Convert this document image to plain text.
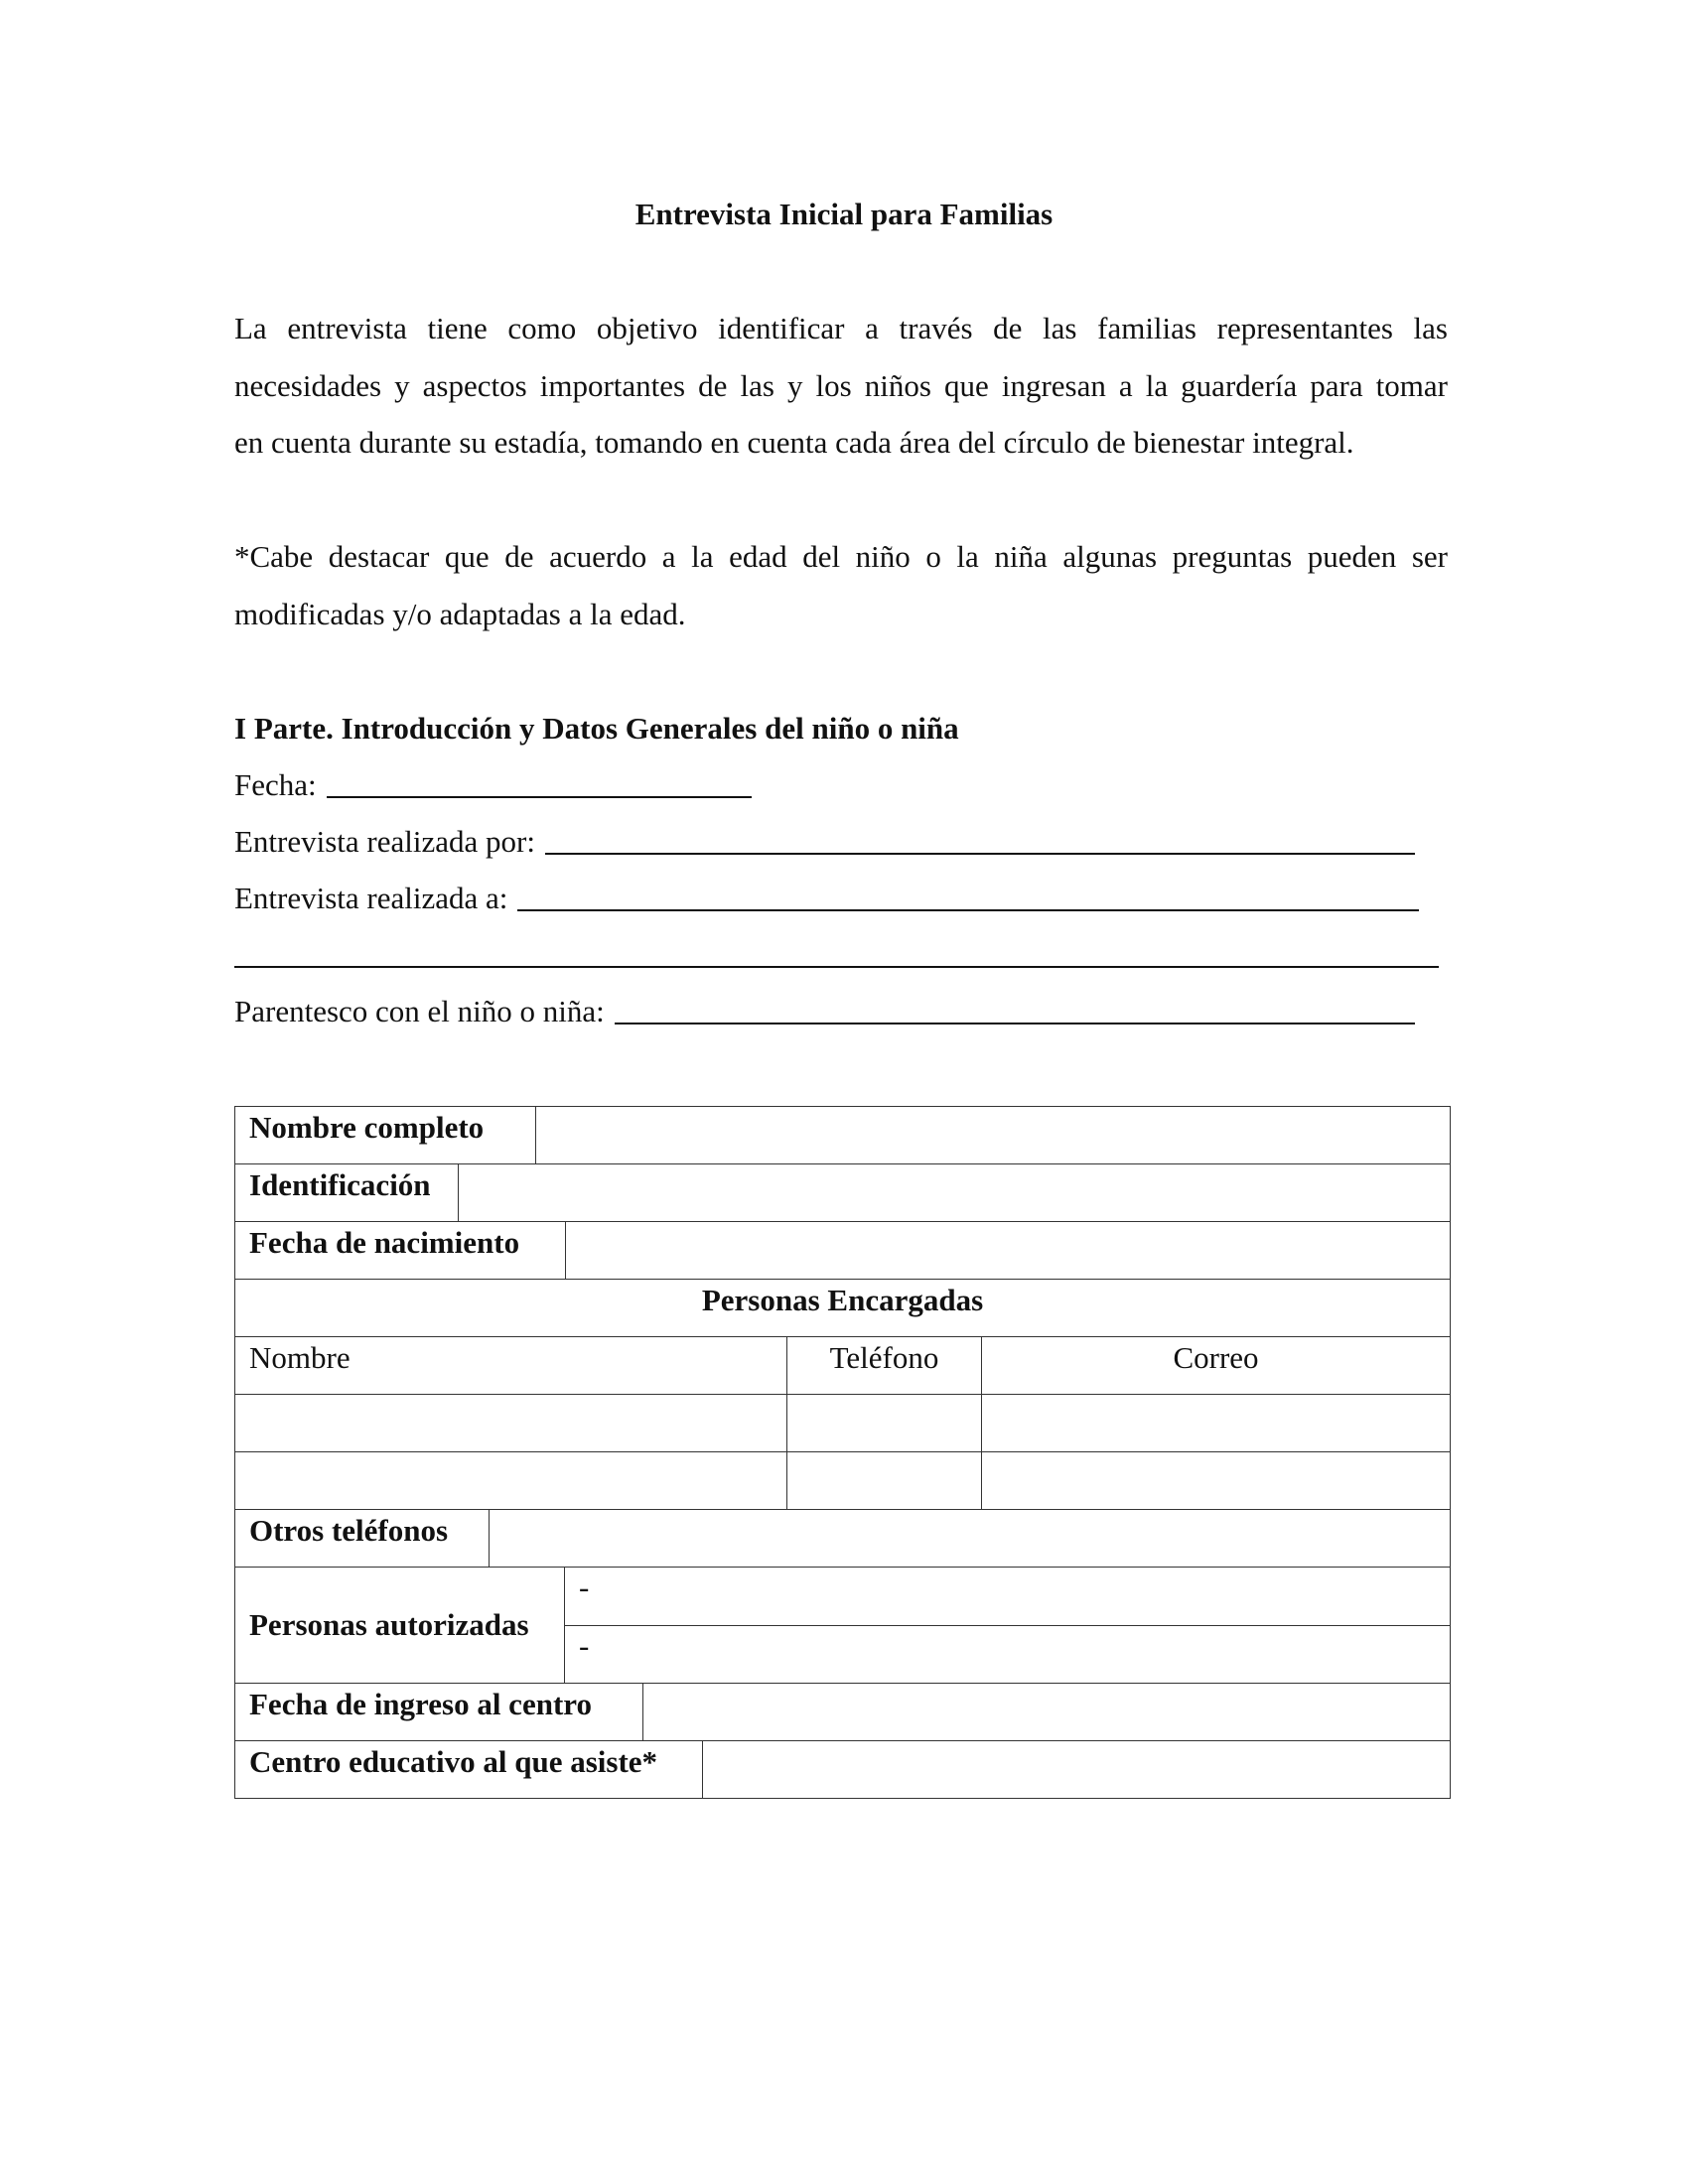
Entrevista Inicial para Familias
La entrevista tiene como objetivo identificar a través de las familias representantes las
necesidades y aspectos importantes de las y los niños que ingresan a la guardería para tomar
en cuenta durante su estadía, tomando en cuenta cada área del círculo de bienestar integral.
*Cabe destacar que de acuerdo a la edad del niño o la niña algunas preguntas pueden ser
modificadas y/o adaptadas a la edad.
I Parte. Introducción y Datos Generales del niño o niña
Fecha:
Entrevista realizada por:
Entrevista realizada a:
Parentesco con el niño o niña:
Nombre completo		

Identificación		

Fecha de nacimiento		

Personas Encargadas		

Nombre	Teléfono	Correo

Otros teléfonos		

Personas autorizadas
-
-		

Fecha de ingreso al centro		

Centro educativo al que asiste*		
